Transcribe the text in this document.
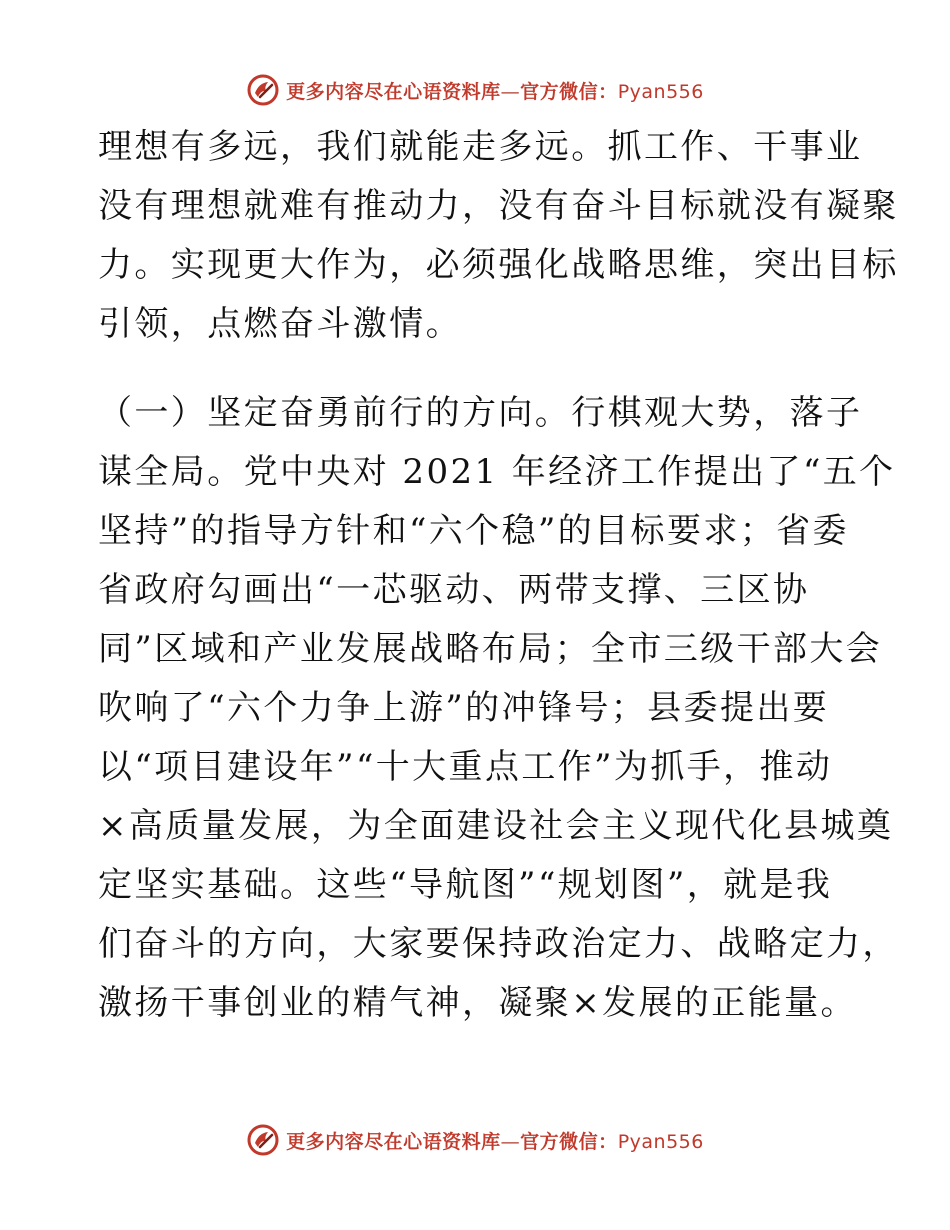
更多内容尽在心语资料库—官方微信：Pyan556
理想有多远，我们就能走多远。抓工作、干事业
没有理想就难有推动力，没有奋斗目标就没有凝聚
力。实现更大作为，必须强化战略思维，突出目标
引领，点燃奋斗激情。
（一）坚定奋勇前行的方向。行棋观大势，落子
谋全局。党中央对 2021 年经济工作提出了“五个
坚持”的指导方针和“六个稳”的目标要求；省委
省政府勾画出“一芯驱动、两带支撑、三区协
同”区域和产业发展战略布局；全市三级干部大会
吹响了“六个力争上游”的冲锋号；县委提出要
以“项目建设年”“十大重点工作”为抓手，推动
×高质量发展，为全面建设社会主义现代化县城奠
定坚实基础。这些“导航图”“规划图”，就是我
们奋斗的方向，大家要保持政治定力、战略定力，
激扬干事创业的精气神，凝聚×发展的正能量。
更多内容尽在心语资料库—官方微信：Pyan556
